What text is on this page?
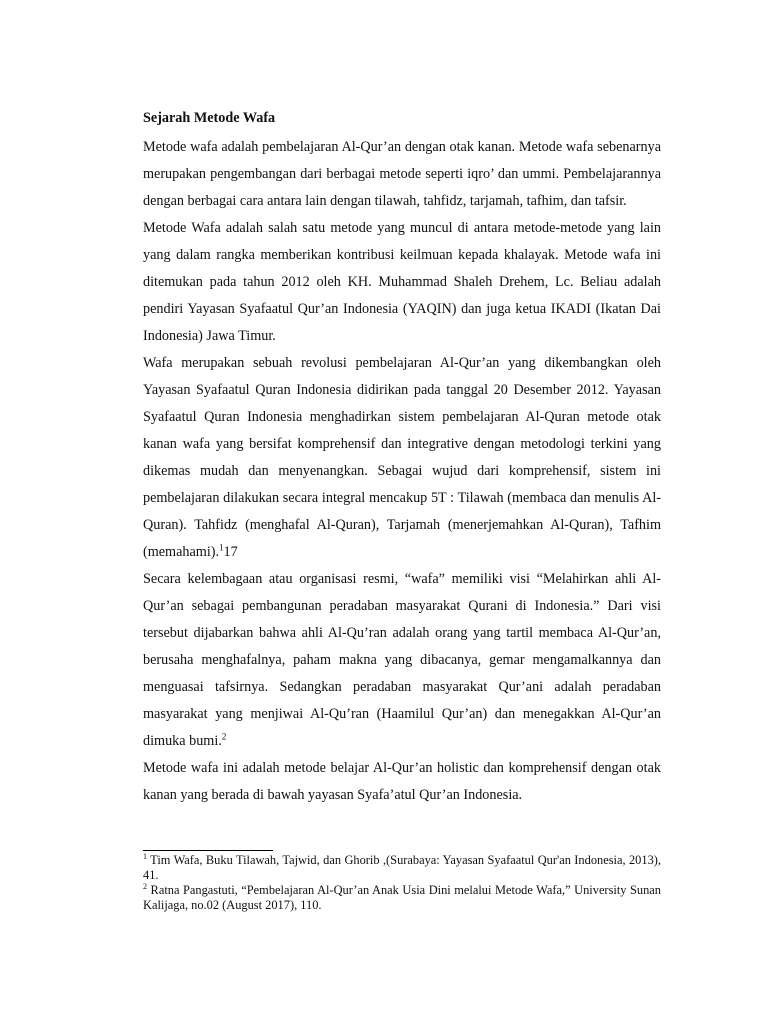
Sejarah Metode Wafa

Metode wafa adalah pembelajaran Al-Qur’an dengan otak kanan. Metode wafa sebenarnya merupakan pengembangan dari berbagai metode seperti iqro’ dan ummi. Pembelajarannya dengan berbagai cara antara lain dengan tilawah, tahfidz, tarjamah, tafhim, dan tafsir.

Metode Wafa adalah salah satu metode yang muncul di antara metode-metode yang lain yang dalam rangka memberikan kontribusi keilmuan kepada khalayak. Metode wafa ini ditemukan pada tahun 2012 oleh KH. Muhammad Shaleh Drehem, Lc. Beliau adalah pendiri Yayasan Syafaatul Qur’an Indonesia (YAQIN) dan juga ketua IKADI (Ikatan Dai Indonesia) Jawa Timur.

Wafa merupakan sebuah revolusi pembelajaran Al-Qur’an yang dikembangkan oleh Yayasan Syafaatul Quran Indonesia didirikan pada tanggal 20 Desember 2012. Yayasan Syafaatul Quran Indonesia menghadirkan sistem pembelajaran Al-Quran metode otak kanan wafa yang bersifat komprehensif dan integrative dengan metodologi terkini yang dikemas mudah dan menyenangkan. Sebagai wujud dari komprehensif, sistem ini pembelajaran dilakukan secara integral mencakup 5T : Tilawah (membaca dan menulis Al-Quran). Tahfidz (menghafal Al-Quran), Tarjamah (menerjemahkan Al-Quran), Tafhim (memahami).$^1$17

Secara kelembagaan atau organisasi resmi, “wafa” memiliki visi “Melahirkan ahli Al-Qur’an sebagai pembangunan peradaban masyarakat Qurani di Indonesia.” Dari visi tersebut dijabarkan bahwa ahli Al-Qu’ran adalah orang yang tartil membaca Al-Qur’an, berusaha menghafalnya, paham makna yang dibacanya, gemar mengamalkannya dan menguasai tafsirnya. Sedangkan peradaban masyarakat Qur’ani adalah peradaban masyarakat yang menjiwai Al-Qu’ran (Haamilul Qur’an) dan menegakkan Al-Qur’an dimuka bumi.$^2$

Metode wafa ini adalah metode belajar Al-Qur’an holistic dan komprehensif dengan otak kanan yang berada di bawah yayasan Syafa’atul Qur’an Indonesia.

$^1$ Tim Wafa, Buku Tilawah, Tajwid, dan Ghorib ,(Surabaya: Yayasan Syafaatul Qur'an Indonesia, 2013), 41.

$^2$ Ratna Pangastuti, “Pembelajaran Al-Qur’an Anak Usia Dini melalui Metode Wafa,” University Sunan Kalijaga, no.02 (August 2017), 110.
